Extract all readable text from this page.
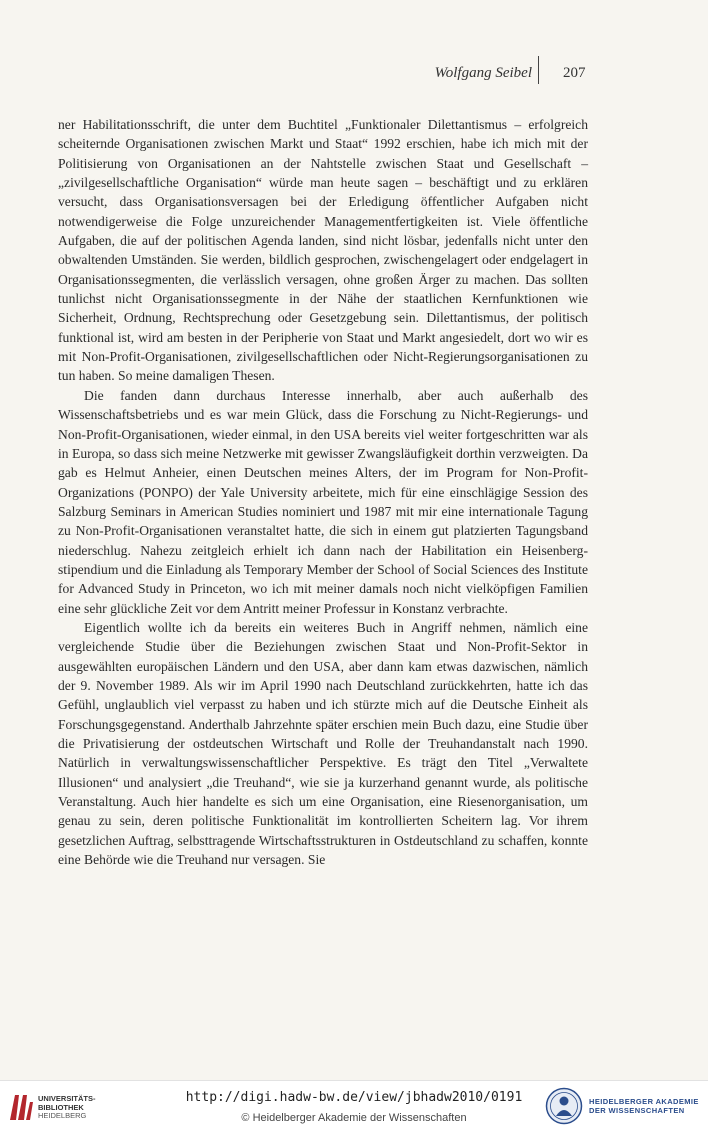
Wolfgang Seibel 207

ner Habilitationsschrift, die unter dem Buchtitel „Funktionaler Dilettantismus – erfolgreich scheiternde Organisationen zwischen Markt und Staat“ 1992 erschien, habe ich mich mit der Politisierung von Organisationen an der Nahtstelle zwischen Staat und Gesellschaft – „zivilgesellschaftliche Organisation“ würde man heute sagen – beschäftigt und zu erklären versucht, dass Organisationsversagen bei der Erledigung öffentlicher Aufgaben nicht notwendigerweise die Folge unzureichender Managementfertigkeiten ist. Viele öffentliche Aufgaben, die auf der politischen Agenda landen, sind nicht lösbar, jedenfalls nicht unter den obwaltenden Umständen. Sie werden, bildlich gesprochen, zwischengelagert oder endgelagert in Organisationssegmenten, die verlässlich versagen, ohne großen Ärger zu machen. Das sollten tunlichst nicht Organisationssegmente in der Nähe der staatlichen Kernfunktionen wie Sicherheit, Ordnung, Rechtsprechung oder Gesetzgebung sein. Dilettantismus, der politisch funktional ist, wird am besten in der Peripherie von Staat und Markt angesiedelt, dort wo wir es mit Non-Profit-Organisationen, zivilgesellschaftlichen oder Nicht-Regierungsorganisationen zu tun haben. So meine damaligen Thesen.

Die fanden dann durchaus Interesse innerhalb, aber auch außerhalb des Wissenschaftsbetriebs und es war mein Glück, dass die Forschung zu Nicht-Regierungs- und Non-Profit-Organisationen, wieder einmal, in den USA bereits viel weiter fortgeschritten war als in Europa, so dass sich meine Netzwerke mit gewisser Zwangsläufigkeit dorthin verzweigten. Da gab es Helmut Anheier, einen Deutschen meines Alters, der im Program for Non-Profit-Organizations (PONPO) der Yale University arbeitete, mich für eine einschlägige Session des Salzburg Seminars in American Studies nominiert und 1987 mit mir eine internationale Tagung zu Non-Profit-Organisationen veranstaltet hatte, die sich in einem gut platzierten Tagungsband niederschlug. Nahezu zeitgleich erhielt ich dann nach der Habilitation ein Heisenberg-stipendium und die Einladung als Temporary Member der School of Social Sciences des Institute for Advanced Study in Princeton, wo ich mit meiner damals noch nicht vielköpfigen Familien eine sehr glückliche Zeit vor dem Antritt meiner Professur in Konstanz verbrachte.

Eigentlich wollte ich da bereits ein weiteres Buch in Angriff nehmen, nämlich eine vergleichende Studie über die Beziehungen zwischen Staat und Non-Profit-Sektor in ausgewählten europäischen Ländern und den USA, aber dann kam etwas dazwischen, nämlich der 9. November 1989. Als wir im April 1990 nach Deutschland zurückkehrten, hatte ich das Gefühl, unglaublich viel verpasst zu haben und ich stürzte mich auf die Deutsche Einheit als Forschungsgegenstand. Anderthalb Jahrzehnte später erschien mein Buch dazu, eine Studie über die Privatisierung der ostdeutschen Wirtschaft und Rolle der Treuhandanstalt nach 1990. Natürlich in verwaltungswissenschaftlicher Perspektive. Es trägt den Titel „Verwaltete Illusionen“ und analysiert „die Treuhand“, wie sie ja kurzerhand genannt wurde, als politische Veranstaltung. Auch hier handelte es sich um eine Organisation, eine Riesenorganisation, um genau zu sein, deren politische Funktionalität im kontrollierten Scheitern lag. Vor ihrem gesetzlichen Auftrag, selbsttragende Wirtschaftsstrukturen in Ostdeutschland zu schaffen, konnte eine Behörde wie die Treuhand nur versagen. Sie

UNIVERSITÄTS-
BIBLIOTHEK
HEIDELBERG
http://digi.hadw-bw.de/view/jbhadw2010/0191
© Heidelberger Akademie der Wissenschaften
HEIDELBERGER AKADEMIE
DER WISSENSCHAFTEN
